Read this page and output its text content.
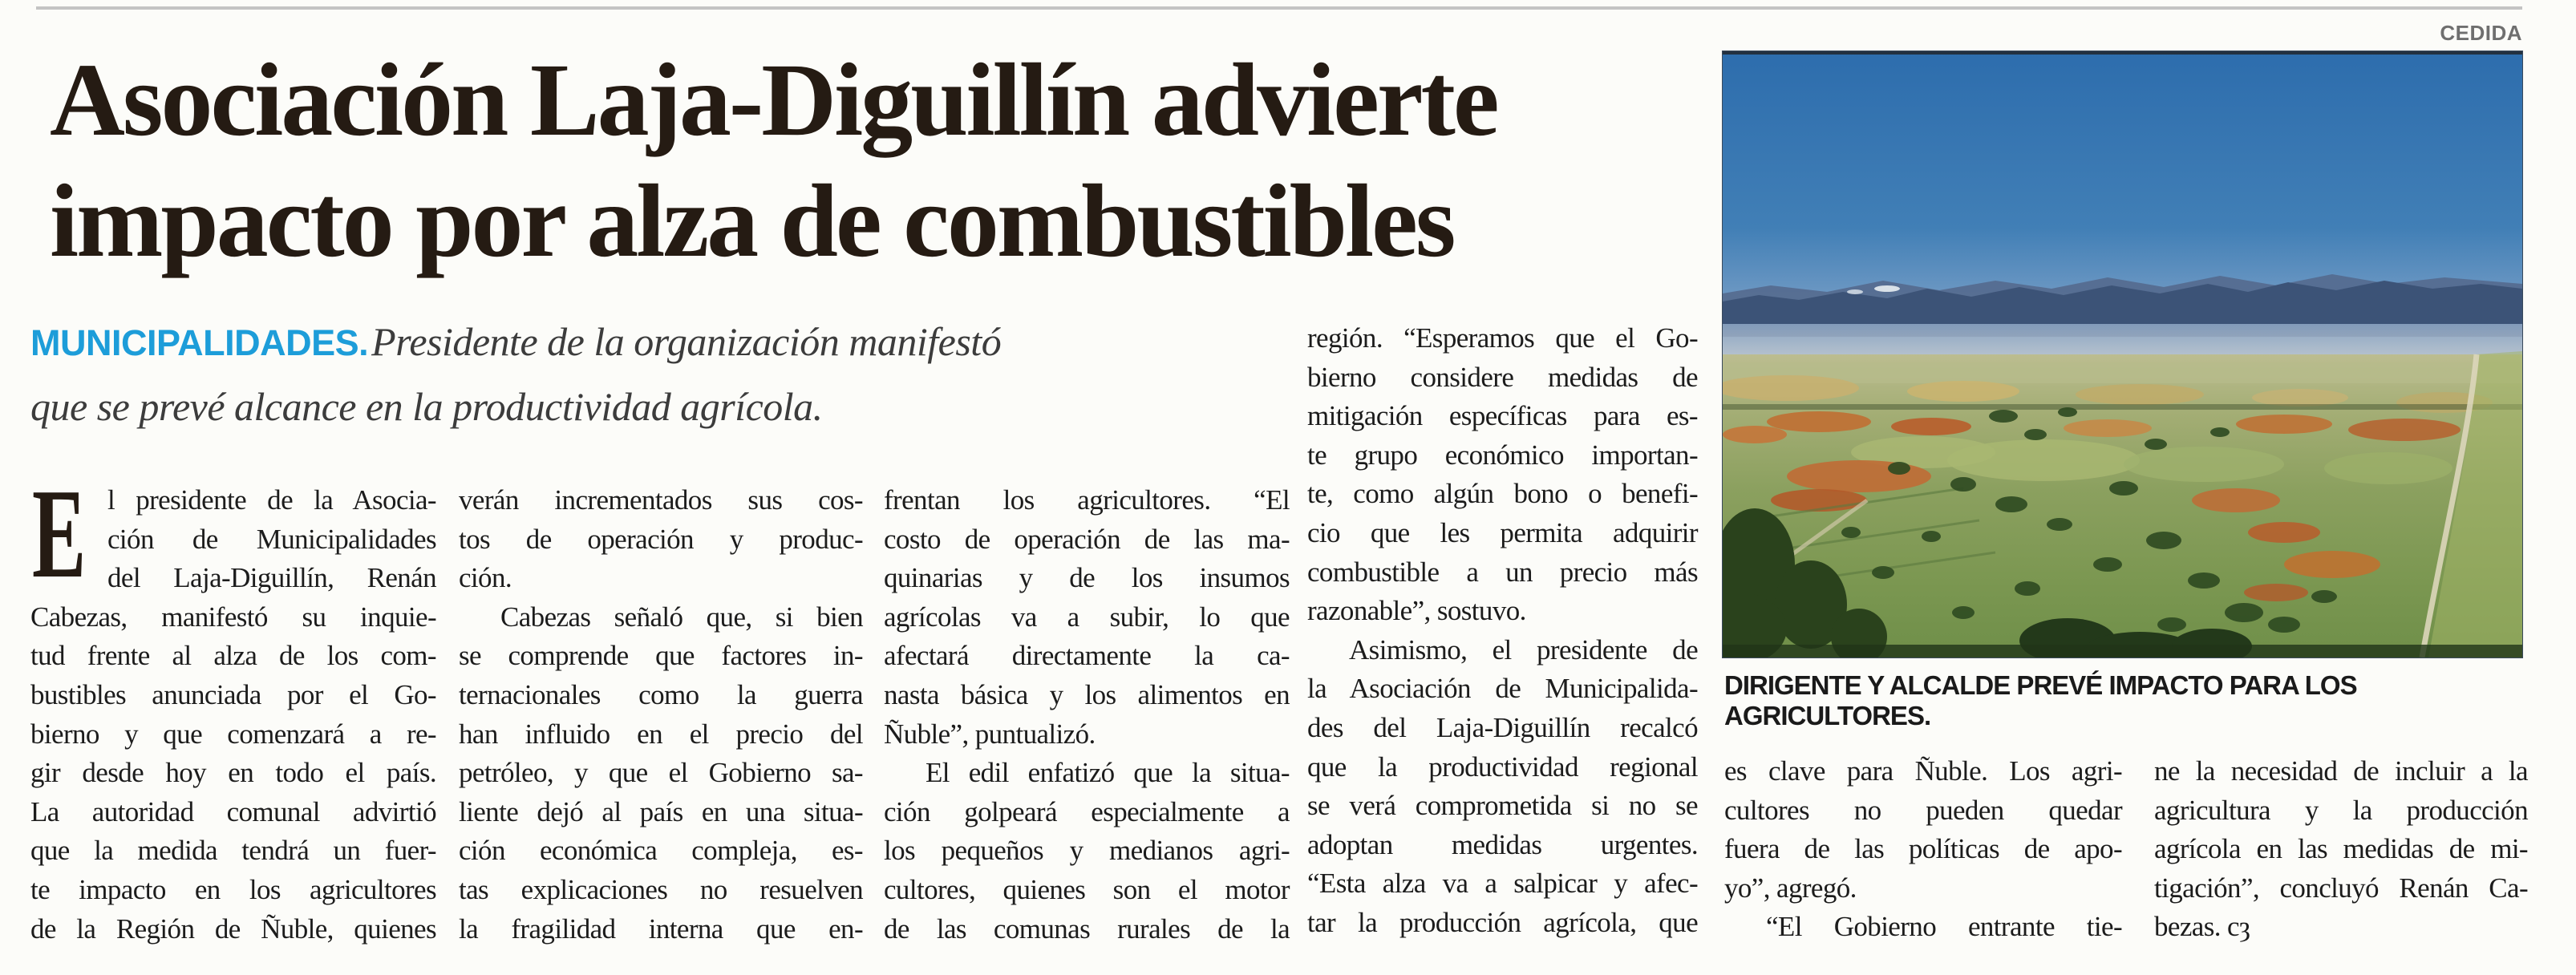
CEDIDA
Asociación Laja-Diguillín advierte
impacto por alza de combustibles
MUNICIPALIDADES. Presidente de la organización manifestó
que se prevé alcance en la productividad agrícola.
E l presidente de la Asocia-
ción de Municipalidades
del Laja-Diguillín, Renán
Cabezas, manifestó su inquie-
tud frente al alza de los com-
bustibles anunciada por el Go-
bierno y que comenzará a re-
gir desde hoy en todo el país.
La autoridad comunal advirtió
que la medida tendrá un fuer-
te impacto en los agricultores
de la Región de Ñuble, quienes
verán incrementados sus cos-
tos de operación y produc-
ción.
Cabezas señaló que, si bien
se comprende que factores in-
ternacionales como la guerra
han influido en el precio del
petróleo, y que el Gobierno sa-
liente dejó al país en una situa-
ción económica compleja, es-
tas explicaciones no resuelven
la fragilidad interna que en-
frentan los agricultores. “El
costo de operación de las ma-
quinarias y de los insumos
agrícolas va a subir, lo que
afectará directamente la ca-
nasta básica y los alimentos en
Ñuble”, puntualizó.
El edil enfatizó que la situa-
ción golpeará especialmente a
los pequeños y medianos agri-
cultores, quienes son el motor
de las comunas rurales de la
región. “Esperamos que el Go-
bierno considere medidas de
mitigación específicas para es-
te grupo económico importan-
te, como algún bono o benefi-
cio que les permita adquirir
combustible a un precio más
razonable”, sostuvo.
Asimismo, el presidente de
la Asociación de Municipalida-
des del Laja-Diguillín recalcó
que la productividad regional
se verá comprometida si no se
adoptan medidas urgentes.
“Esta alza va a salpicar y afec-
tar la producción agrícola, que
es clave para Ñuble. Los agri-
cultores no pueden quedar
fuera de las políticas de apo-
yo”, agregó.
“El Gobierno entrante tie-
ne la necesidad de incluir a la
agricultura y la producción
agrícola en las medidas de mi-
tigación”, concluyó Renán Ca-
bezas. cȝ
DIRIGENTE Y ALCALDE PREVÉ IMPACTO PARA LOS AGRICULTORES.
